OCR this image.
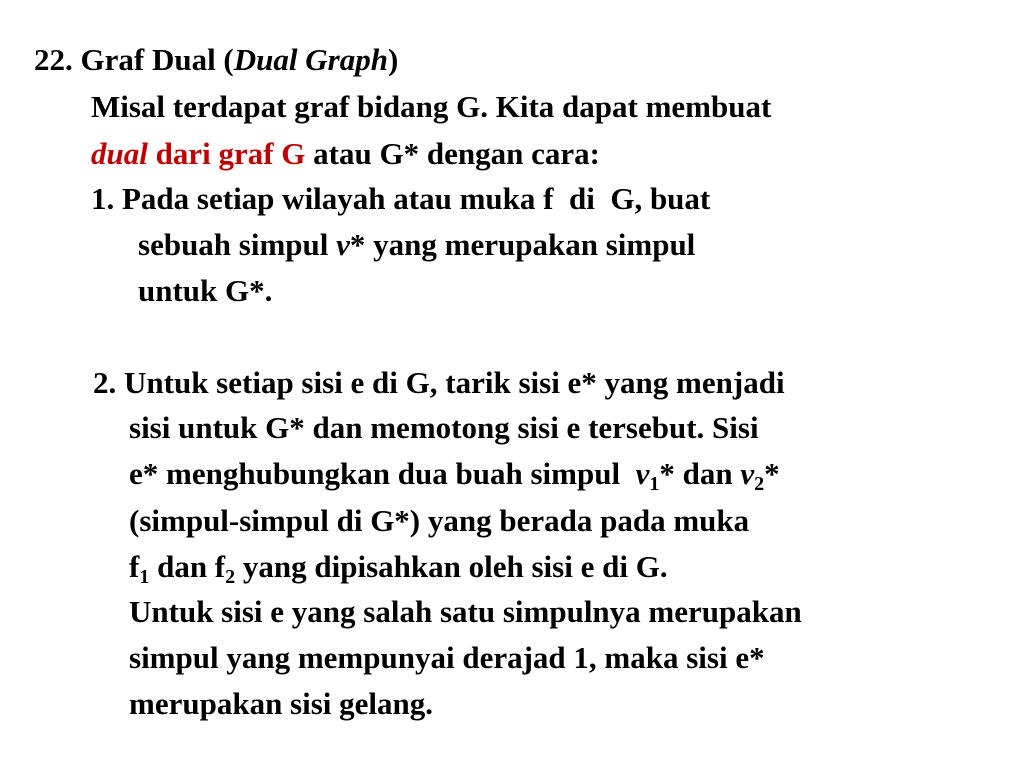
22. Graf Dual (Dual Graph)
Misal terdapat graf bidang G. Kita dapat membuat
dual dari graf G atau G* dengan cara:
1. Pada setiap wilayah atau muka f  di  G, buat
sebuah simpul v* yang merupakan simpul
untuk G*.
2. Untuk setiap sisi e di G, tarik sisi e* yang menjadi
sisi untuk G* dan memotong sisi e tersebut. Sisi
e* menghubungkan dua buah simpul  $v_1*$ dan $v_2*$
(simpul-simpul di G*) yang berada pada muka
$f_1$ dan $f_2$ yang dipisahkan oleh sisi e di G.
Untuk sisi e yang salah satu simpulnya merupakan
simpul yang mempunyai derajad 1, maka sisi e*
merupakan sisi gelang.
